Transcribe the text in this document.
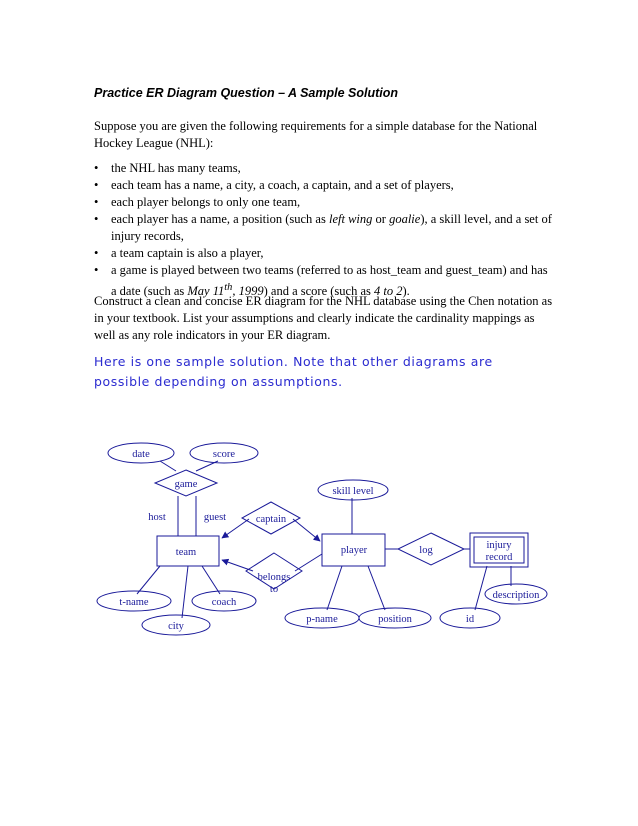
Practice ER Diagram Question – A Sample Solution
Suppose you are given the following requirements for a simple database for the National Hockey League (NHL):
• the NHL has many teams,
• each team has a name, a city, a coach, a captain, and a set of players,
• each player belongs to only one team,
• each player has a name, a position (such as left wing or goalie), a skill level, and a set of injury records,
• a team captain is also a player,
• a game is played between two teams (referred to as host_team and guest_team) and has a date (such as May 11th, 1999) and a score (such as 4 to 2).
Construct a clean and concise ER diagram for the NHL database using the Chen notation as in your textbook. List your assumptions and clearly indicate the cardinality mappings as well as any role indicators in your ER diagram.
Here is one sample solution. Note that other diagrams are possible depending on assumptions.
date	score
game
host	guest	captain
team
belongs
to
skill level
player	log	injury
record
t-name	coach
city
p-name	position	id
description
